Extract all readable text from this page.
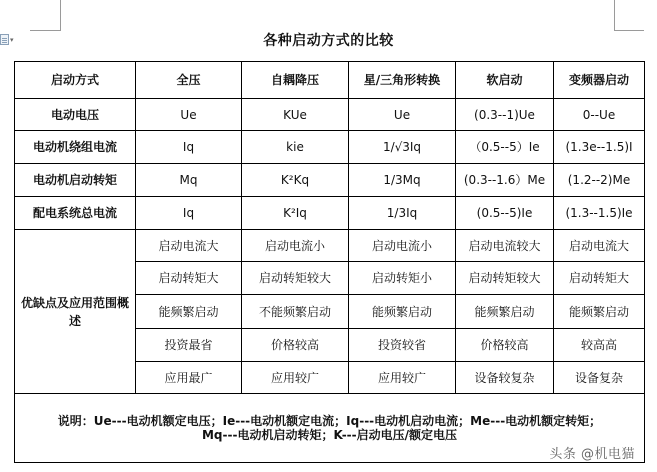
▾	各种启动方式的比较
启动方式	全压	自耦降压	星/三角形转换	软启动	变频器启动
电动电压	Ue	KUe	Ue	(0.3--1)Ue	0--Ue
电动机绕组电流	Iq	kie	1/√3Iq	（0.5--5）Ie	(1.3e--1.5)I
电动机启动转矩	Mq	K²Kq	1/3Mq	(0.3--1.6）Me	(1.2--2)Me
配电系统总电流	Iq	K²Iq	1/3Iq	(0.5--5)Ie	(1.3--1.5)Ie
优缺点及应用范围概述	启动电流大	启动电流小	启动电流小	启动电流较大	启动电流大
	启动转矩大	启动转矩较大	启动转矩小	启动转矩较大	启动转矩大
	能频繁启动	不能频繁启动	能频繁启动	能频繁启动	能频繁启动
	投资最省	价格较高	投资较省	价格较高	较高高
	应用最广	应用较广	应用较广	设备较复杂	设备复杂

说明：Ue---电动机额定电压；Ie---电动机额定电流；Iq---电动机启动电流；Me---电动机额定转矩；
Mq---电动机启动转矩；K---启动电压/额定电压					
头条 @机电猫
